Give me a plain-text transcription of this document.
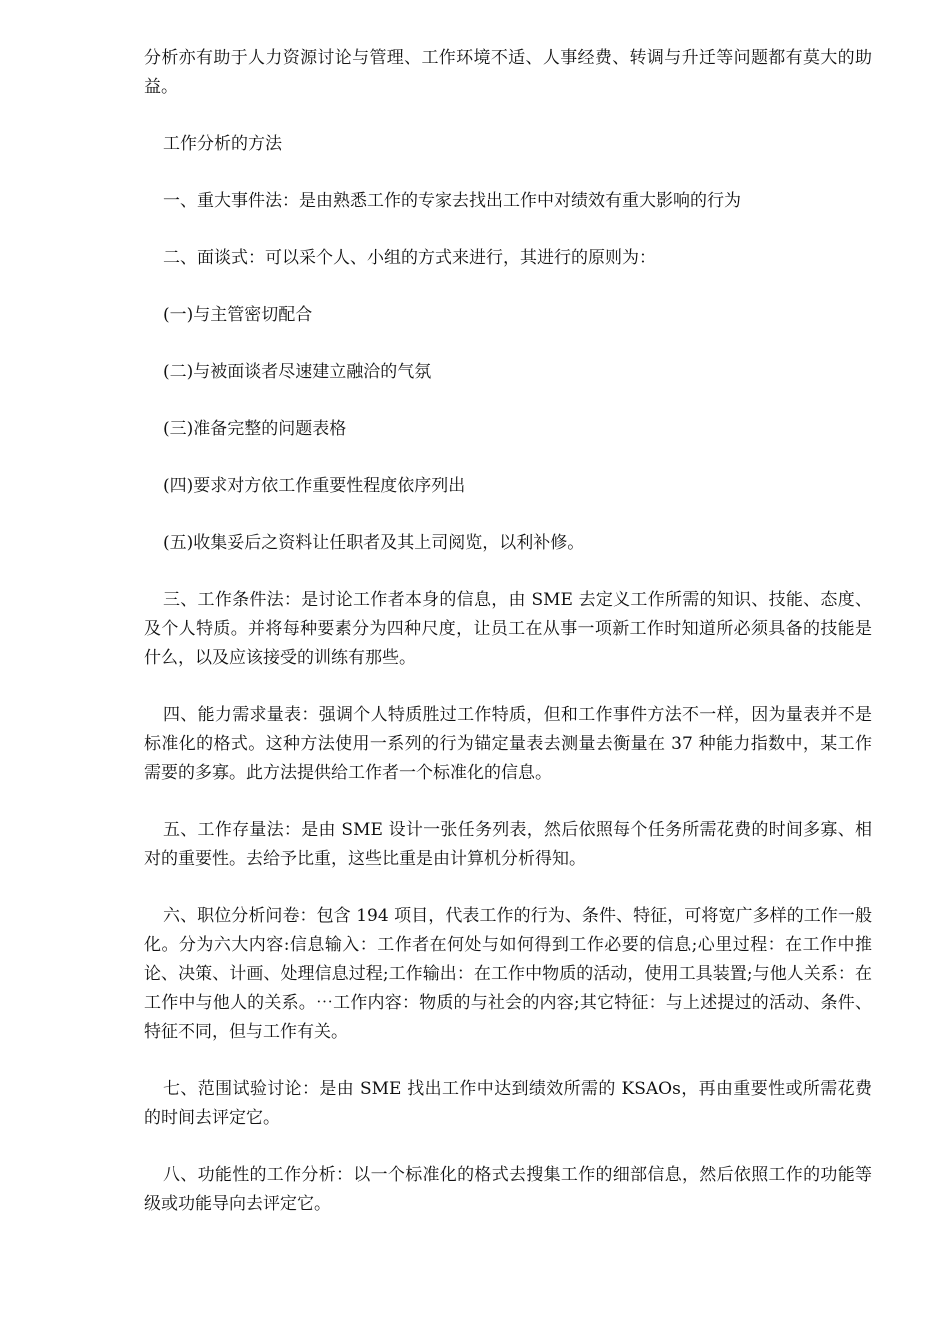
分析亦有助于人力资源讨论与管理、工作环境不适、人事经费、转调与升迁等问题都有莫大的助益。

工作分析的方法

一、重大事件法：是由熟悉工作的专家去找出工作中对绩效有重大影响的行为

二、面谈式：可以采个人、小组的方式来进行，其进行的原则为：

(一)与主管密切配合

(二)与被面谈者尽速建立融洽的气氛

(三)准备完整的问题表格

(四)要求对方依工作重要性程度依序列出

(五)收集妥后之资料让任职者及其上司阅览，以利补修。

三、工作条件法：是讨论工作者本身的信息，由 SME 去定义工作所需的知识、技能、态度、及个人特质。并将每种要素分为四种尺度，让员工在从事一项新工作时知道所必须具备的技能是什么，以及应该接受的训练有那些。

四、能力需求量表：强调个人特质胜过工作特质，但和工作事件方法不一样，因为量表并不是标准化的格式。这种方法使用一系列的行为锚定量表去测量去衡量在 37 种能力指数中，某工作需要的多寡。此方法提供给工作者一个标准化的信息。

五、工作存量法：是由 SME 设计一张任务列表，然后依照每个任务所需花费的时间多寡、相对的重要性。去给予比重，这些比重是由计算机分析得知。

六、职位分析问卷：包含 194 项目，代表工作的行为、条件、特征，可将宽广多样的工作一般化。分为六大内容:信息输入：工作者在何处与如何得到工作必要的信息;心里过程：在工作中推论、决策、计画、处理信息过程;工作输出：在工作中物质的活动，使用工具装置;与他人关系：在工作中与他人的关系。⋯工作内容：物质的与社会的内容;其它特征：与上述提过的活动、条件、特征不同，但与工作有关。

七、范围试验讨论：是由 SME 找出工作中达到绩效所需的 KSAOs，再由重要性或所需花费的时间去评定它。

八、功能性的工作分析：以一个标准化的格式去搜集工作的细部信息，然后依照工作的功能等级或功能导向去评定它。
